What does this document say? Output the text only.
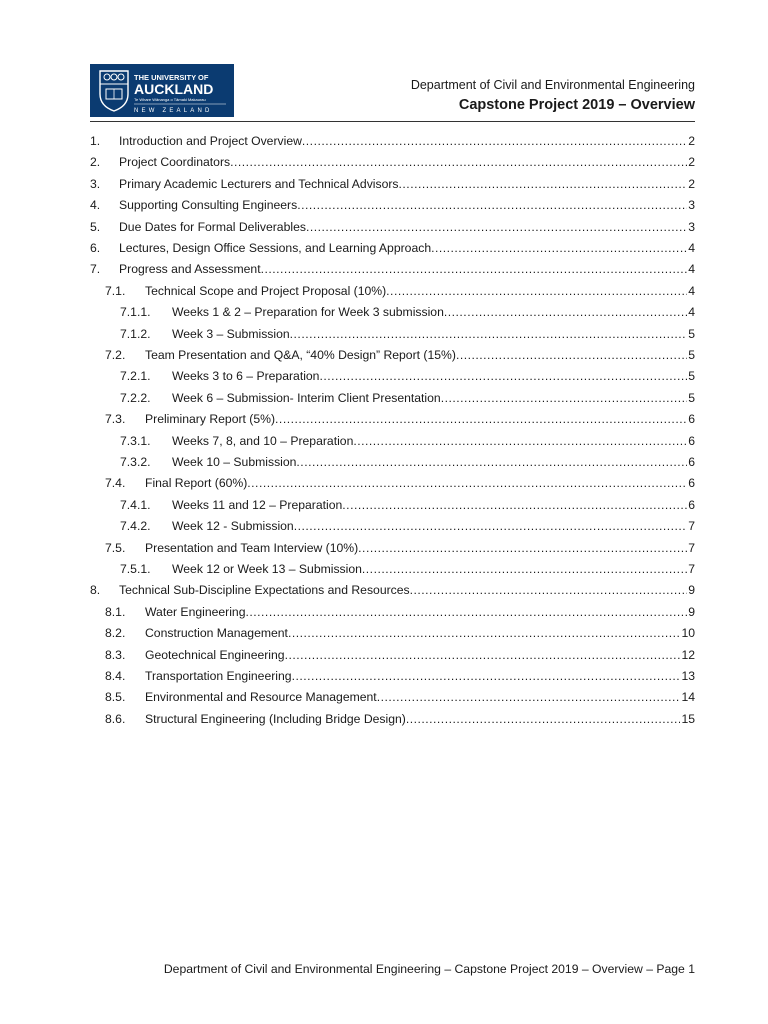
THE UNIVERSITY OF
AUCKLAND
Te Whare Wānanga o Tāmaki Makaurau
NEW ZEALAND
Department of Civil and Environmental Engineering
Capstone Project 2019 – Overview
1. Introduction and Project Overview .....	2
2. Project Coordinators .....	2
3. Primary Academic Lecturers and Technical Advisors .....	2
4. Supporting Consulting Engineers .....	3
5. Due Dates for Formal Deliverables .....	3
6. Lectures, Design Office Sessions, and Learning Approach .....	4
7. Progress and Assessment .....	4
7.1. Technical Scope and Project Proposal (10%) .....	4
7.1.1. Weeks 1 & 2 – Preparation for Week 3 submission .....	4
7.1.2. Week 3 – Submission .....	5
7.2. Team Presentation and Q&A, “40% Design” Report (15%) .....	5
7.2.1. Weeks 3 to 6 – Preparation .....	5
7.2.2. Week 6 – Submission- Interim Client Presentation .....	5
7.3. Preliminary Report (5%) .....	6
7.3.1. Weeks 7, 8, and 10 – Preparation .....	6
7.3.2. Week 10 – Submission .....	6
7.4. Final Report (60%) .....	6
7.4.1. Weeks 11 and 12 – Preparation .....	6
7.4.2. Week 12 - Submission .....	7
7.5. Presentation and Team Interview (10%) .....	7
7.5.1. Week 12 or Week 13 – Submission .....	7
8. Technical Sub-Discipline Expectations and Resources .....	9
8.1. Water Engineering .....	9
8.2. Construction Management .....	10
8.3. Geotechnical Engineering .....	12
8.4. Transportation Engineering .....	13
8.5. Environmental and Resource Management .....	14
8.6. Structural Engineering (Including Bridge Design) .....	15
Department of Civil and Environmental Engineering – Capstone Project 2019 – Overview – Page 1
